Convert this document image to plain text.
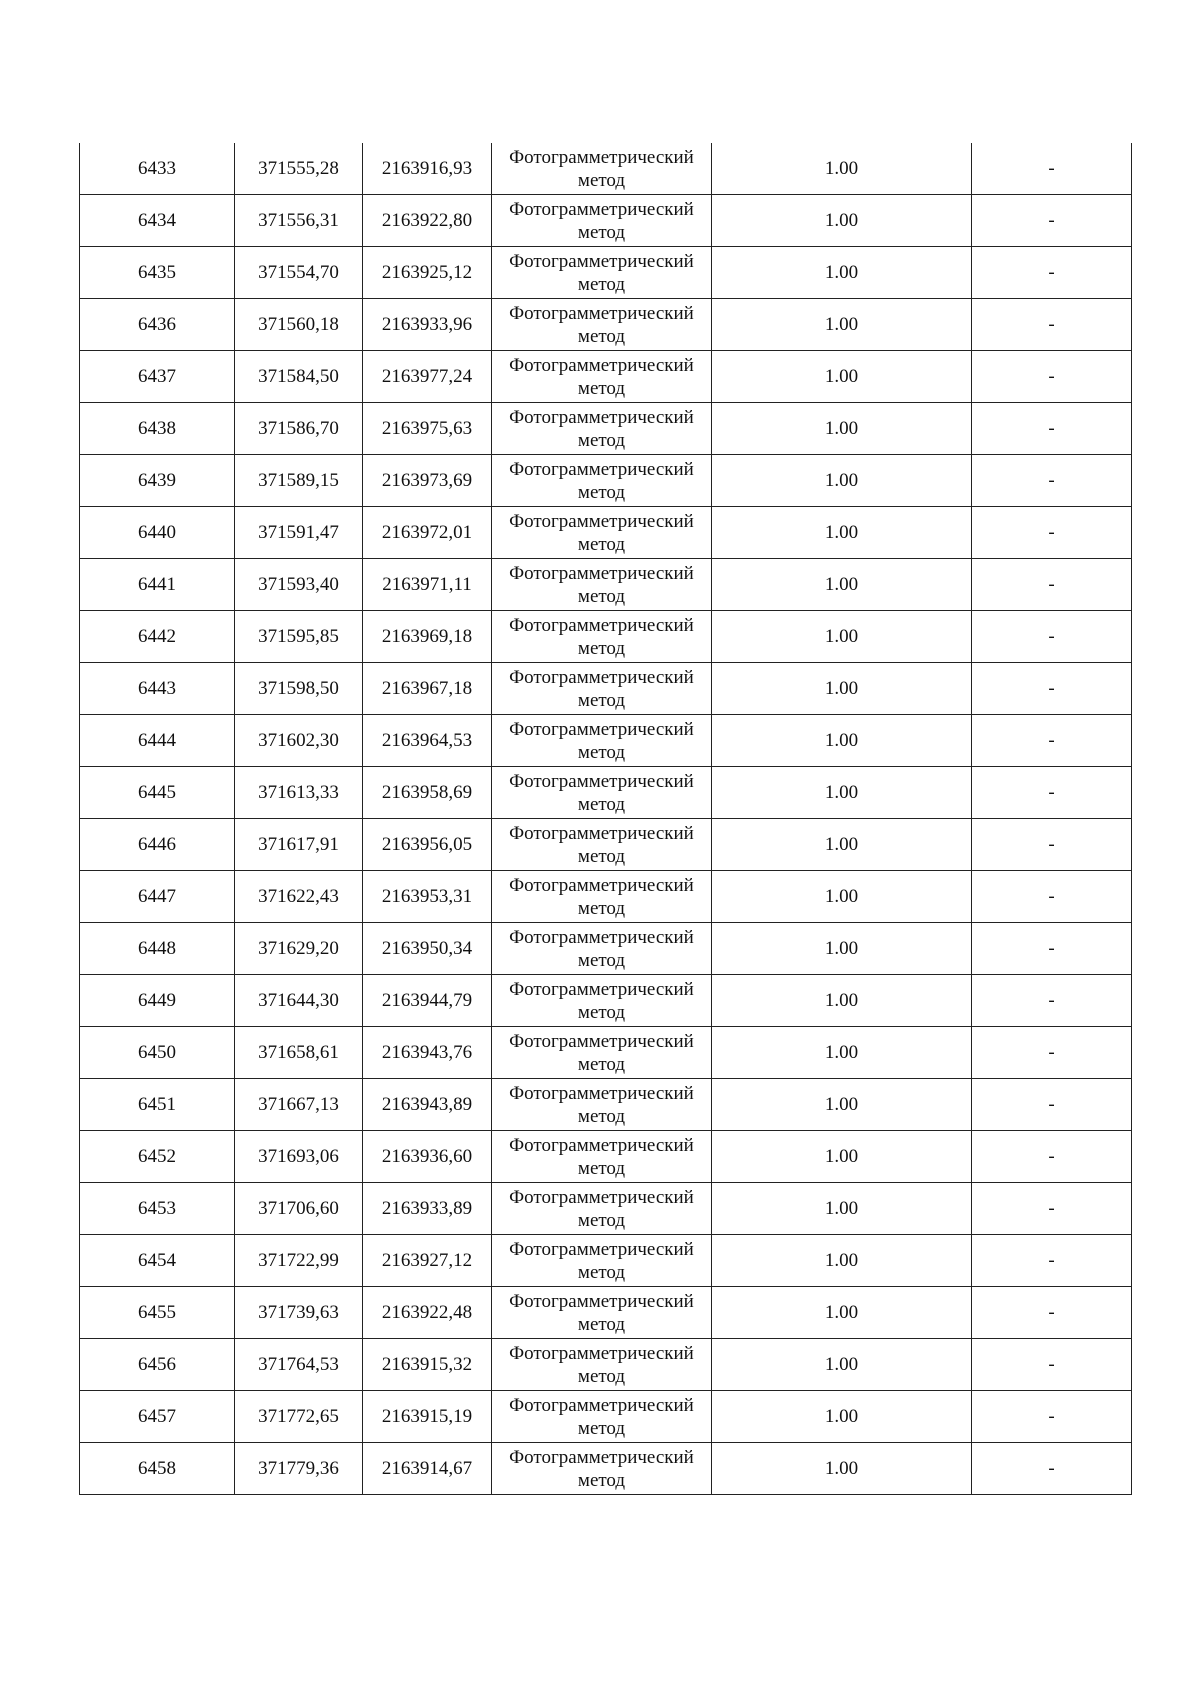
6433	371555,28	2163916,93	Фотограмметрический метод	1.00	-
6434	371556,31	2163922,80	Фотограмметрический метод	1.00	-
6435	371554,70	2163925,12	Фотограмметрический метод	1.00	-
6436	371560,18	2163933,96	Фотограмметрический метод	1.00	-
6437	371584,50	2163977,24	Фотограмметрический метод	1.00	-
6438	371586,70	2163975,63	Фотограмметрический метод	1.00	-
6439	371589,15	2163973,69	Фотограмметрический метод	1.00	-
6440	371591,47	2163972,01	Фотограмметрический метод	1.00	-
6441	371593,40	2163971,11	Фотограмметрический метод	1.00	-
6442	371595,85	2163969,18	Фотограмметрический метод	1.00	-
6443	371598,50	2163967,18	Фотограмметрический метод	1.00	-
6444	371602,30	2163964,53	Фотограмметрический метод	1.00	-
6445	371613,33	2163958,69	Фотограмметрический метод	1.00	-
6446	371617,91	2163956,05	Фотограмметрический метод	1.00	-
6447	371622,43	2163953,31	Фотограмметрический метод	1.00	-
6448	371629,20	2163950,34	Фотограмметрический метод	1.00	-
6449	371644,30	2163944,79	Фотограмметрический метод	1.00	-
6450	371658,61	2163943,76	Фотограмметрический метод	1.00	-
6451	371667,13	2163943,89	Фотограмметрический метод	1.00	-
6452	371693,06	2163936,60	Фотограмметрический метод	1.00	-
6453	371706,60	2163933,89	Фотограмметрический метод	1.00	-
6454	371722,99	2163927,12	Фотограмметрический метод	1.00	-
6455	371739,63	2163922,48	Фотограмметрический метод	1.00	-
6456	371764,53	2163915,32	Фотограмметрический метод	1.00	-
6457	371772,65	2163915,19	Фотограмметрический метод	1.00	-
6458	371779,36	2163914,67	Фотограмметрический метод	1.00	-
